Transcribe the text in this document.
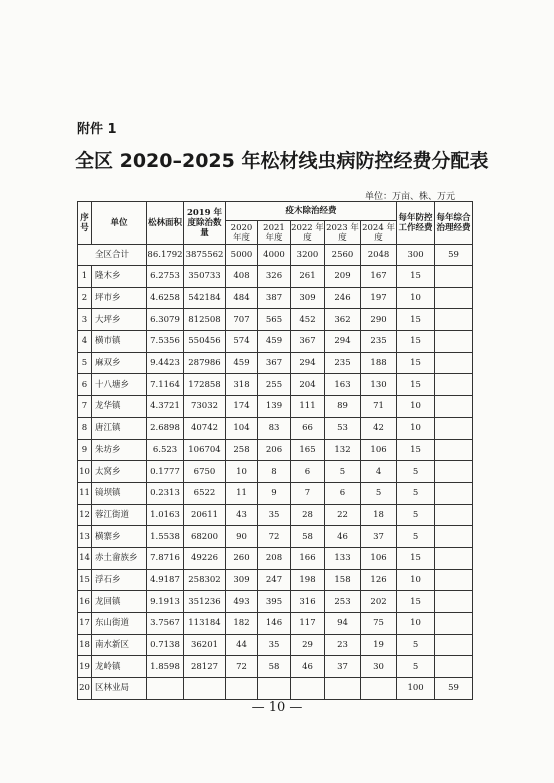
附件 1
全区 2020–2025 年松材线虫病防控经费分配表
单位：万亩、株、万元
序号	单位	松林面积	2019 年度除治数量	疫木除治经费					每年防控工作经费	每年综合治理经费
				2020 年度	2021 年度	2022 年度	2023 年度	2024 年度		
全区合计		86.1792	3875562	5000	4000	3200	2560	2048	300	59
1	隆木乡	6.2753	350733	408	326	261	209	167	15	
2	坪市乡	4.6258	542184	484	387	309	246	197	10	
3	大坪乡	6.3079	812508	707	565	452	362	290	15	
4	横市镇	7.5356	550456	574	459	367	294	235	15	
5	麻双乡	9.4423	287986	459	367	294	235	188	15	
6	十八塘乡	7.1164	172858	318	255	204	163	130	15	
7	龙华镇	4.3721	73032	174	139	111	89	71	10	
8	唐江镇	2.6898	40742	104	83	66	53	42	10	
9	朱坊乡	6.523	106704	258	206	165	132	106	15	
10	太窝乡	0.1777	6750	10	8	6	5	4	5	
11	镜坝镇	0.2313	6522	11	9	7	6	5	5	
12	蓉江街道	1.0163	20611	43	35	28	22	18	5	
13	横寨乡	1.5538	68200	90	72	58	46	37	5	
14	赤土畲族乡	7.8716	49226	260	208	166	133	106	15	
15	浮石乡	4.9187	258302	309	247	198	158	126	10	
16	龙回镇	9.1913	351236	493	395	316	253	202	15	
17	东山街道	3.7567	113184	182	146	117	94	75	10	
18	南水新区	0.7138	36201	44	35	29	23	19	5	
19	龙岭镇	1.8598	28127	72	58	46	37	30	5	
20	区林业局								100	59
— 10 —
